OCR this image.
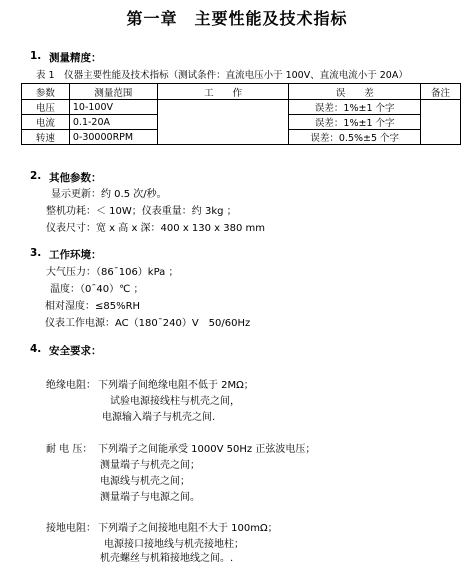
第一章　主要性能及技术指标
1. 测量精度：
表 1　仪器主要性能及技术指标（测试条件：直流电压小于 100V、直流电流小于 20A）
参数	测量范围	工　　作	误　　差	备注
电压	10-100V		误差：1%±1 个字	
电流	0.1-20A		误差：1%±1 个字	
转速	0-30000RPM		误差：0.5%±5 个字	
2. 其他参数：
显示更新：约 0.5 次/秒。
整机功耗：＜ 10W；仪表重量：约 3kg ；
仪表尺寸：宽 x 高 x 深：400 x 130 x 380 mm
3. 工作环境：
大气压力：（86¯106）kPa ；
温度：（0¯40）℃ ；
相对湿度：≤85%RH
仪表工作电源：AC（180¯240）V　50/60Hz
4. 安全要求：
绝缘电阻： 下列端子间绝缘电阻不低于 2MΩ；
试验电源接线柱与机壳之间，
电源输入端子与机壳之间.
耐 电 压： 下列端子之间能承受 1000V 50Hz 正弦波电压；
测量端子与机壳之间；
电源线与机壳之间；
测量端子与电源之间。
接地电阻： 下列端子之间接地电阻不大于 100mΩ；
电源接口接地线与机壳接地柱；
机壳螺丝与机箱接地线之间。.
